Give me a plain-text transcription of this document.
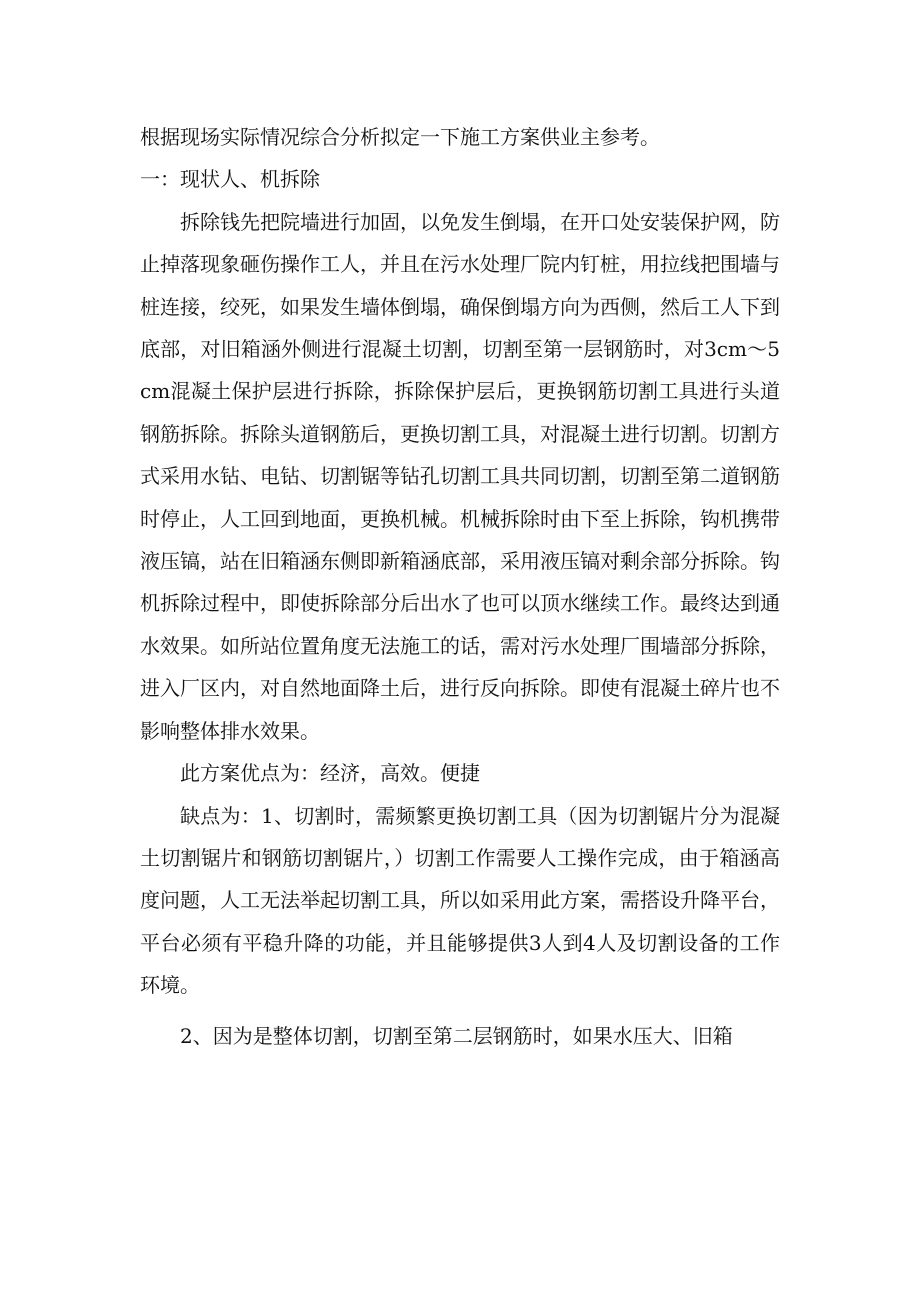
根据现场实际情况综合分析拟定一下施工方案供业主参考。

一：现状人、机拆除

拆除钱先把院墙进行加固，以免发生倒塌，在开口处安装保护网，防止掉落现象砸伤操作工人，并且在污水处理厂院内钉桩，用拉线把围墙与桩连接，绞死，如果发生墙体倒塌，确保倒塌方向为西侧，然后工人下到底部，对旧箱涵外侧进行混凝土切割，切割至第一层钢筋时，对3cm～5cm混凝土保护层进行拆除，拆除保护层后，更换钢筋切割工具进行头道钢筋拆除。拆除头道钢筋后，更换切割工具，对混凝土进行切割。切割方式采用水钻、电钻、切割锯等钻孔切割工具共同切割，切割至第二道钢筋时停止，人工回到地面，更换机械。机械拆除时由下至上拆除，钩机携带液压镐，站在旧箱涵东侧即新箱涵底部，采用液压镐对剩余部分拆除。钩机拆除过程中，即使拆除部分后出水了也可以顶水继续工作。最终达到通水效果。如所站位置角度无法施工的话，需对污水处理厂围墙部分拆除，进入厂区内，对自然地面降土后，进行反向拆除。即使有混凝土碎片也不影响整体排水效果。

此方案优点为：经济，高效。便捷

缺点为：1、切割时，需频繁更换切割工具（因为切割锯片分为混凝土切割锯片和钢筋切割锯片，）切割工作需要人工操作完成，由于箱涵高度问题，人工无法举起切割工具，所以如采用此方案，需搭设升降平台，平台必须有平稳升降的功能，并且能够提供3人到4人及切割设备的工作环境。

2、因为是整体切割，切割至第二层钢筋时，如果水压大、旧箱
